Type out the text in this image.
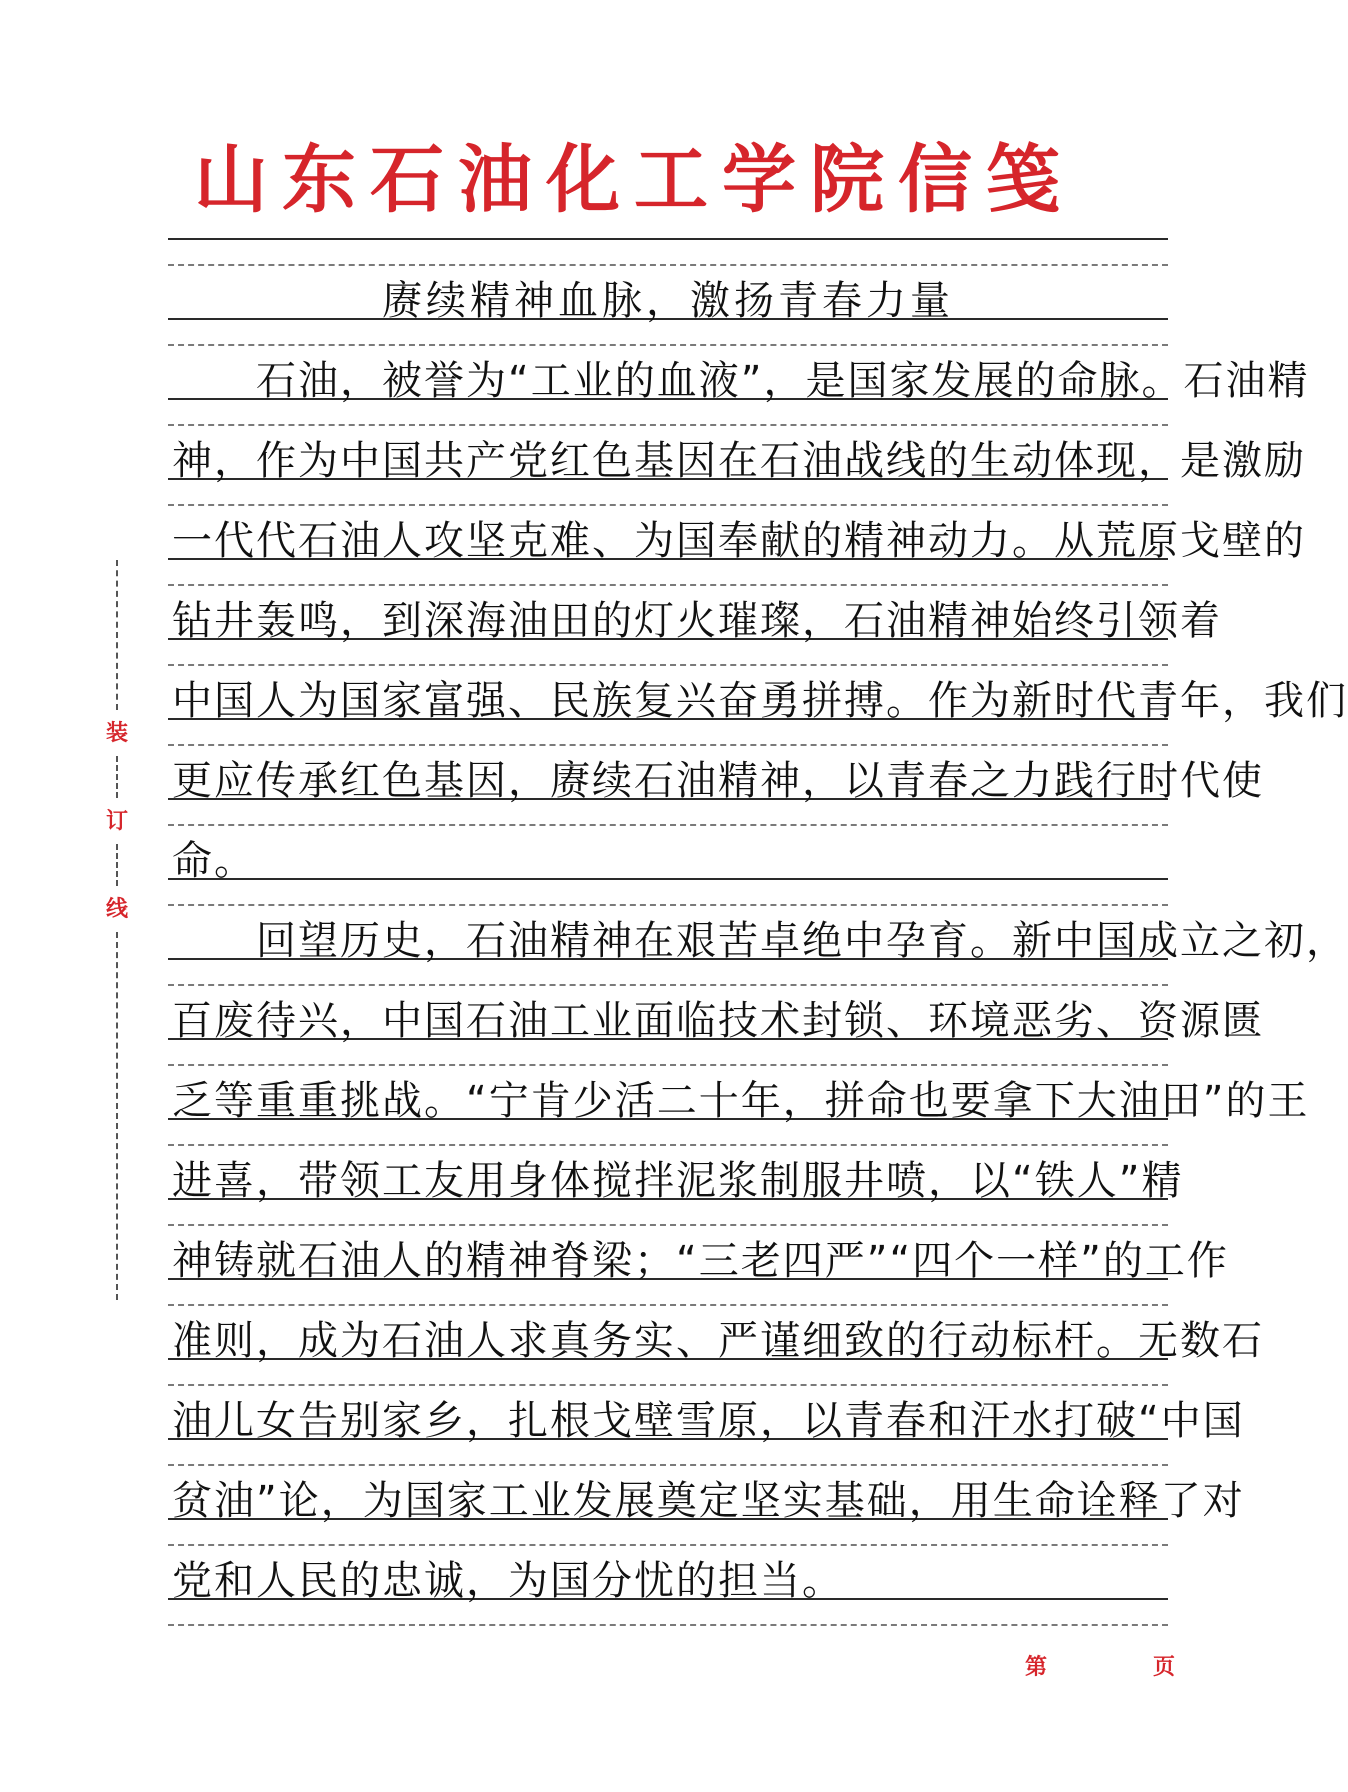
山东石油化工学院信笺
装
订
线
赓续精神血脉，激扬青春力量
　　石油，被誉为“工业的血液”，是国家发展的命脉。石油精
神，作为中国共产党红色基因在石油战线的生动体现，是激励
一代代石油人攻坚克难、为国奉献的精神动力。从荒原戈壁的
钻井轰鸣，到深海油田的灯火璀璨，石油精神始终引领着
中国人为国家富强、民族复兴奋勇拼搏。作为新时代青年，我们
更应传承红色基因，赓续石油精神，以青春之力践行时代使
命。
　　回望历史，石油精神在艰苦卓绝中孕育。新中国成立之初，
百废待兴，中国石油工业面临技术封锁、环境恶劣、资源匮
乏等重重挑战。“宁肯少活二十年，拼命也要拿下大油田”的王
进喜，带领工友用身体搅拌泥浆制服井喷，以“铁人”精
神铸就石油人的精神脊梁；“三老四严”“四个一样”的工作
准则，成为石油人求真务实、严谨细致的行动标杆。无数石
油儿女告别家乡，扎根戈壁雪原，以青春和汗水打破“中国
贫油”论，为国家工业发展奠定坚实基础，用生命诠释了对
党和人民的忠诚，为国分忧的担当。
第	页
